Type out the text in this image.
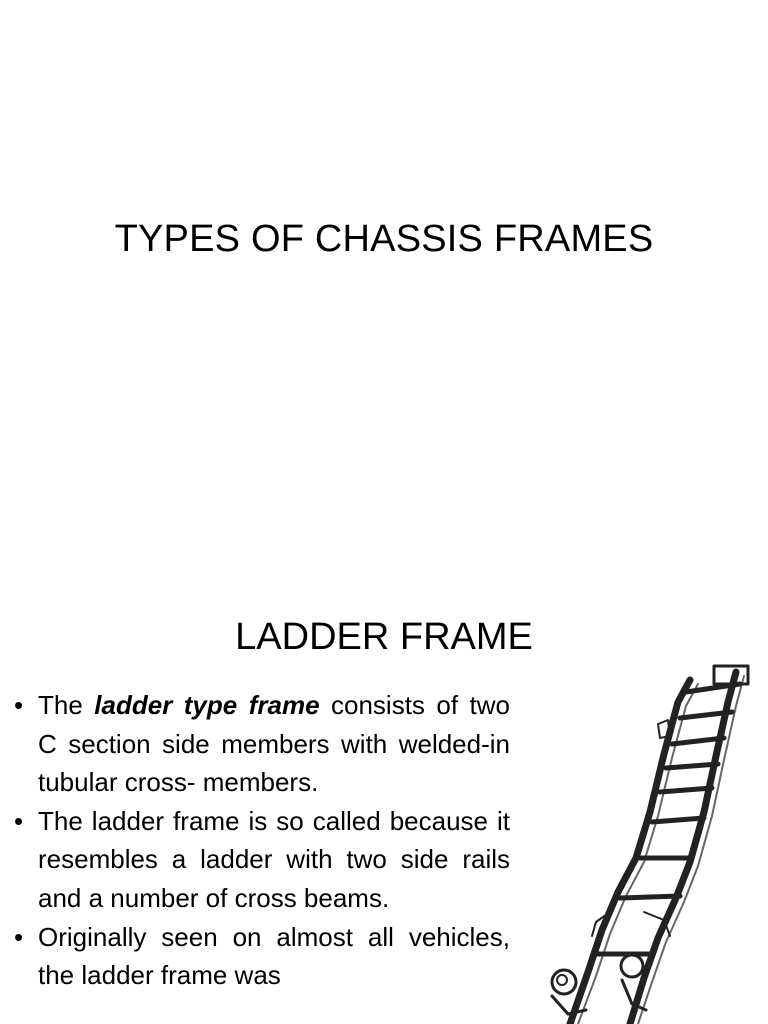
TYPES OF CHASSIS FRAMES
LADDER FRAME
• The ladder type frame consists of two C section side members with welded-in tubular cross- members.
• The ladder frame is so called because it resembles a ladder with two side rails and a number of cross beams.
• Originally seen on almost all vehicles, the ladder frame was
